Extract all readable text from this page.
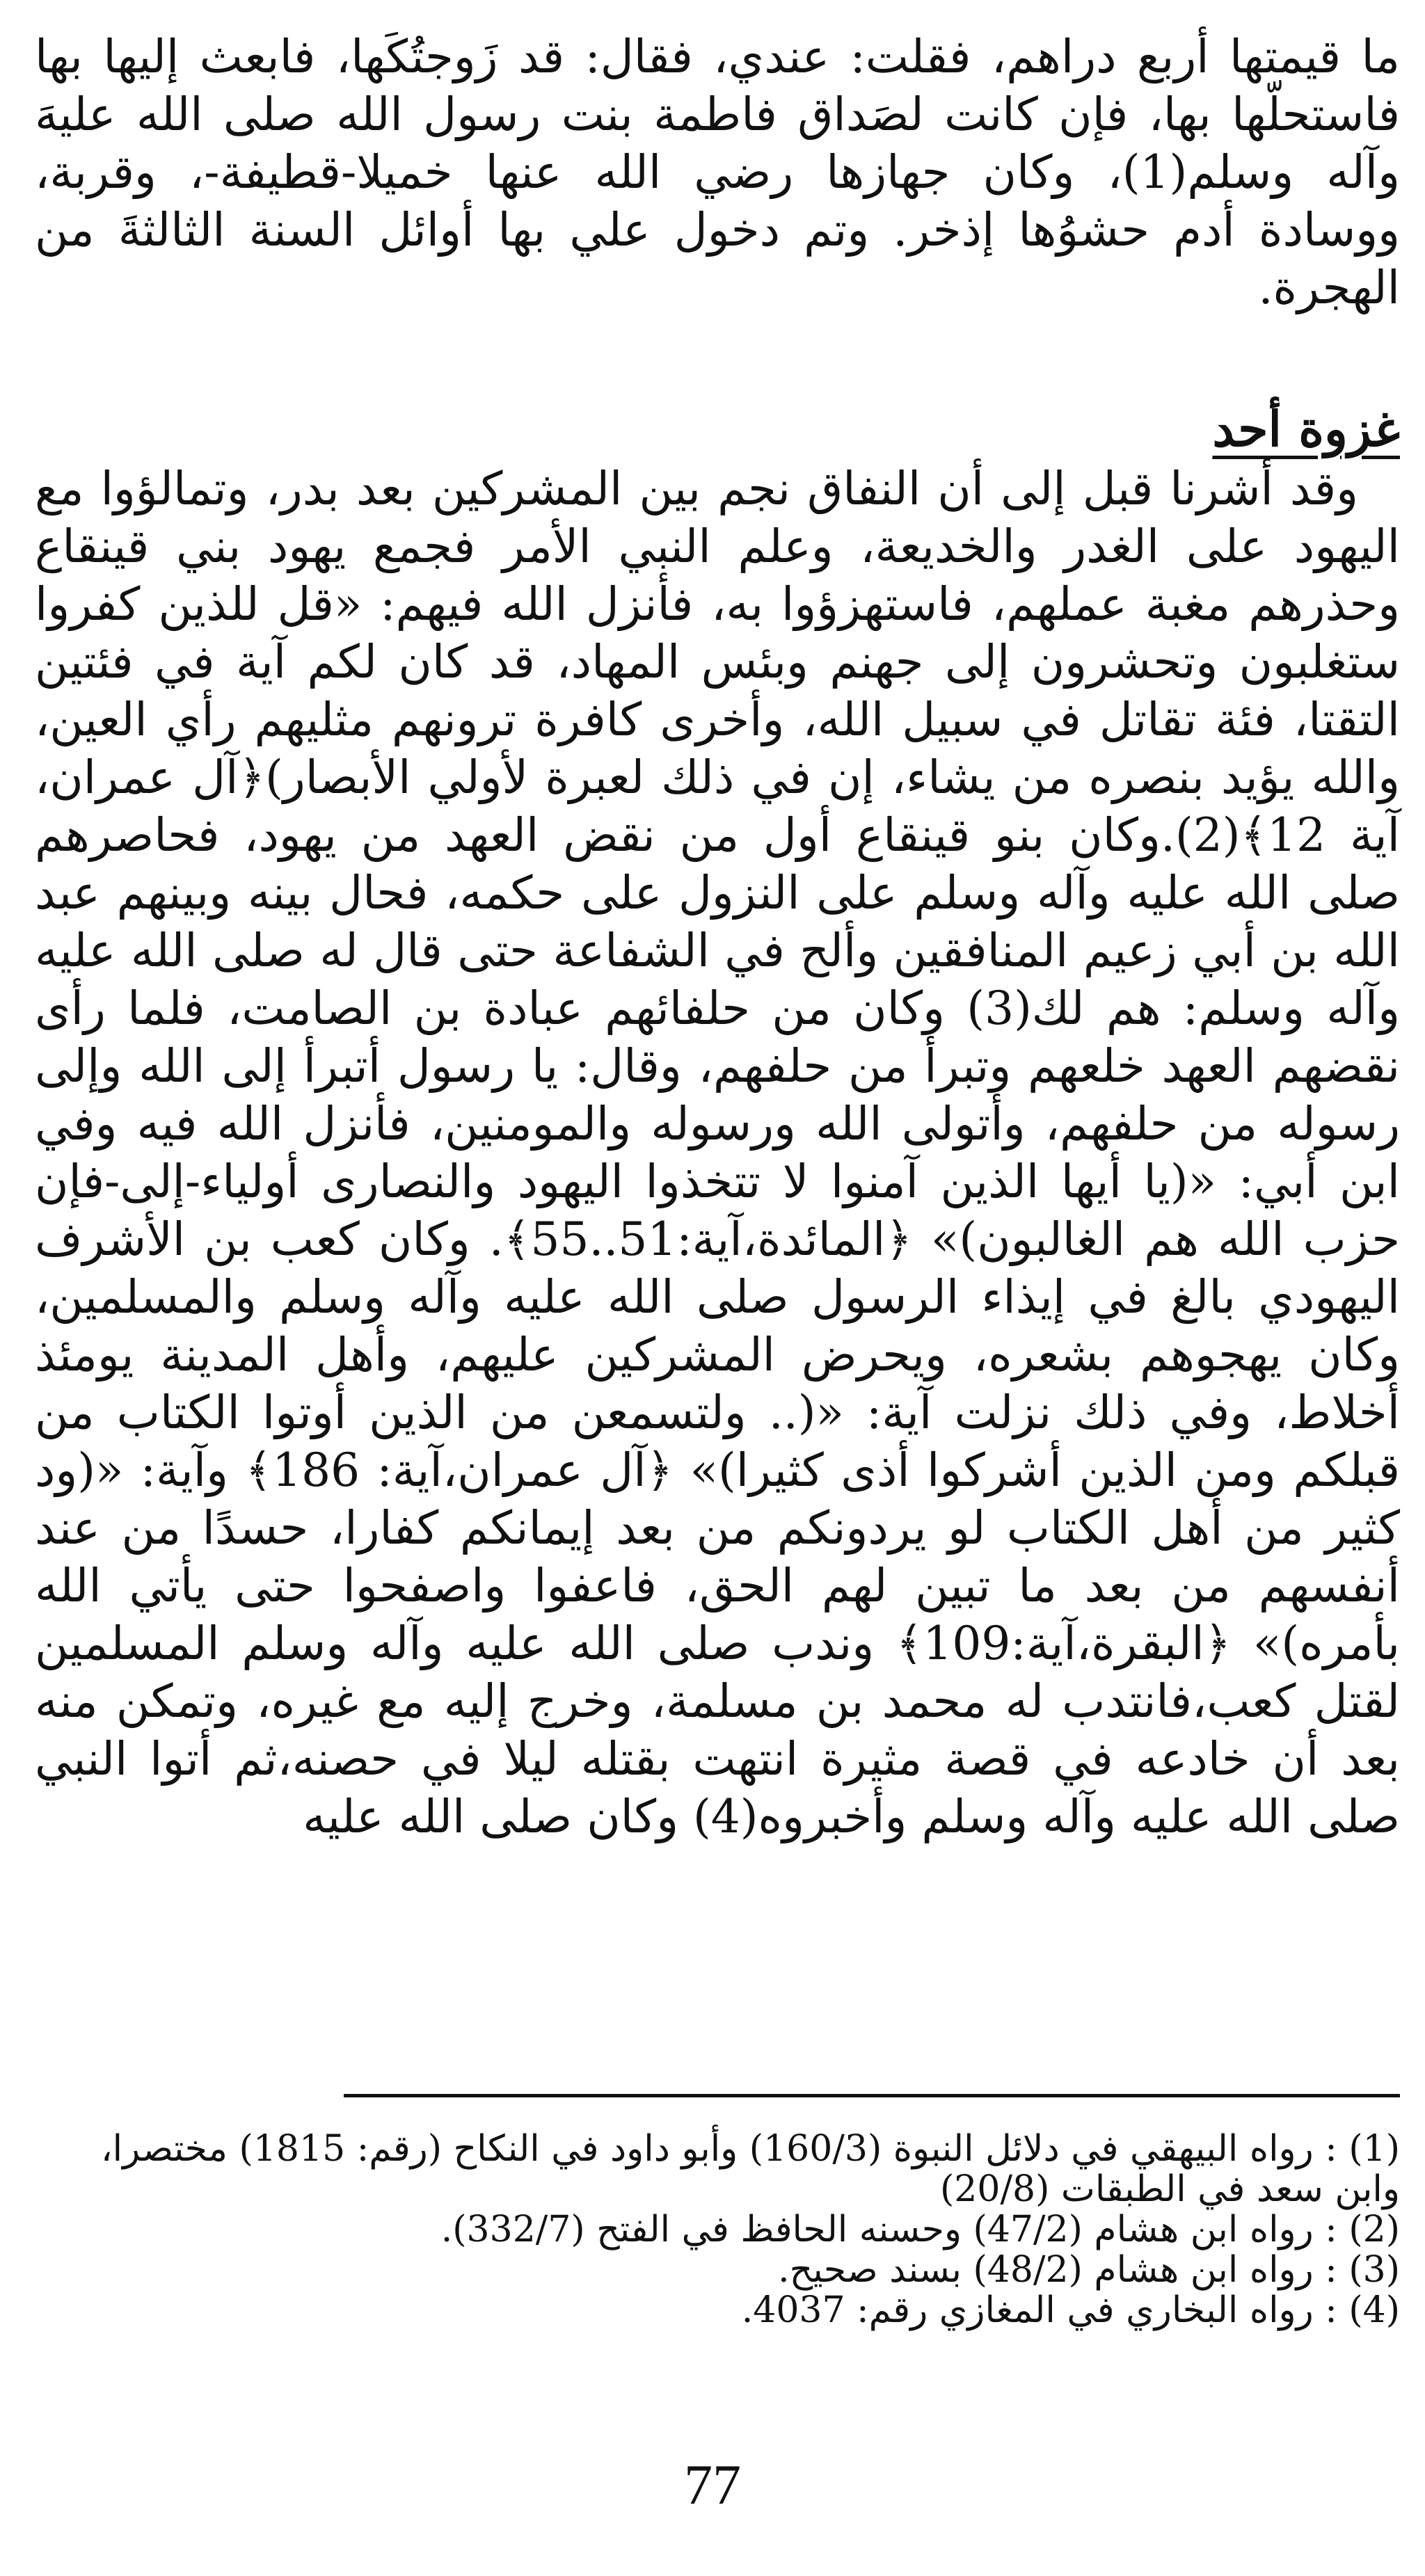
ما قيمتها أربع دراهم، فقلت: عندي، فقال: قد زَوجتُكَها، فابعث إليها بها فاستحلّها بها، فإن كانت لصَداق فاطمة بنت رسول الله صلى الله عليهَ وآله وسلم(1)، وكان جهازها رضي الله عنها خميلا-قطيفة-، وقربة، ووسادة أدم حشوُها إذخر. وتم دخول علي بها أوائل السنة الثالثةَ من الهجرة.

غزوة أحد

وقد أشرنا قبل إلى أن النفاق نجم بين المشركين بعد بدر، وتمالؤوا مع اليهود على الغدر والخديعة، وعلم النبي الأمر فجمع يهود بني قينقاع وحذرهم مغبة عملهم، فاستهزؤوا به، فأنزل الله فيهم: «قل للذين كفروا ستغلبون وتحشرون إلى جهنم وبئس المهاد، قد كان لكم آية في فئتين التقتا، فئة تقاتل في سبيل الله، وأخرى كافرة ترونهم مثليهم رأي العين، والله يؤيد بنصره من يشاء، إن في ذلك لعبرة لأولي الأبصار)﴿آل عمران، آية 12﴾(2).وكان بنو قينقاع أول من نقض العهد من يهود، فحاصرهم صلى الله عليه وآله وسلم على النزول على حكمه، فحال بينه وبينهم عبد الله بن أبي زعيم المنافقين وألح في الشفاعة حتى قال له صلى الله عليه وآله وسلم: هم لك(3) وكان من حلفائهم عبادة بن الصامت، فلما رأى نقضهم العهد خلعهم وتبرأ من حلفهم، وقال: يا رسول أتبرأ إلى الله وإلى رسوله من حلفهم، وأتولى الله ورسوله والمومنين، فأنزل الله فيه وفي ابن أبي: «(يا أيها الذين آمنوا لا تتخذوا اليهود والنصارى أولياء-إلى-فإن حزب الله هم الغالبون)» ﴿المائدة،آية:51..55﴾. وكان كعب بن الأشرف اليهودي بالغ في إيذاء الرسول صلى الله عليه وآله وسلم والمسلمين، وكان يهجوهم بشعره، ويحرض المشركين عليهم، وأهل المدينة يومئذ أخلاط، وفي ذلك نزلت آية: «(.. ولتسمعن من الذين أوتوا الكتاب من قبلكم ومن الذين أشركوا أذى كثيرا)» ﴿آل عمران،آية: 186﴾ وآية: «(ود كثير من أهل الكتاب لو يردونكم من بعد إيمانكم كفارا، حسدًا من عند أنفسهم من بعد ما تبين لهم الحق، فاعفوا واصفحوا حتى يأتي الله بأمره)» ﴿البقرة،آية:109﴾ وندب صلى الله عليه وآله وسلم المسلمين لقتل كعب،فانتدب له محمد بن مسلمة، وخرج إليه مع غيره، وتمكن منه بعد أن خادعه في قصة مثيرة انتهت بقتله ليلا في حصنه،ثم أتوا النبي صلى الله عليه وآله وسلم وأخبروه(4) وكان صلى الله عليه

(1) : رواه البيهقي في دلائل النبوة (160/3) وأبو داود في النكاح (رقم: 1815) مختصرا، وابن سعد في الطبقات (20/8)

(2) : رواه ابن هشام (47/2) وحسنه الحافظ في الفتح (332/7).

(3) : رواه ابن هشام (48/2) بسند صحيح.

(4) : رواه البخاري في المغازي رقم: 4037.

77
